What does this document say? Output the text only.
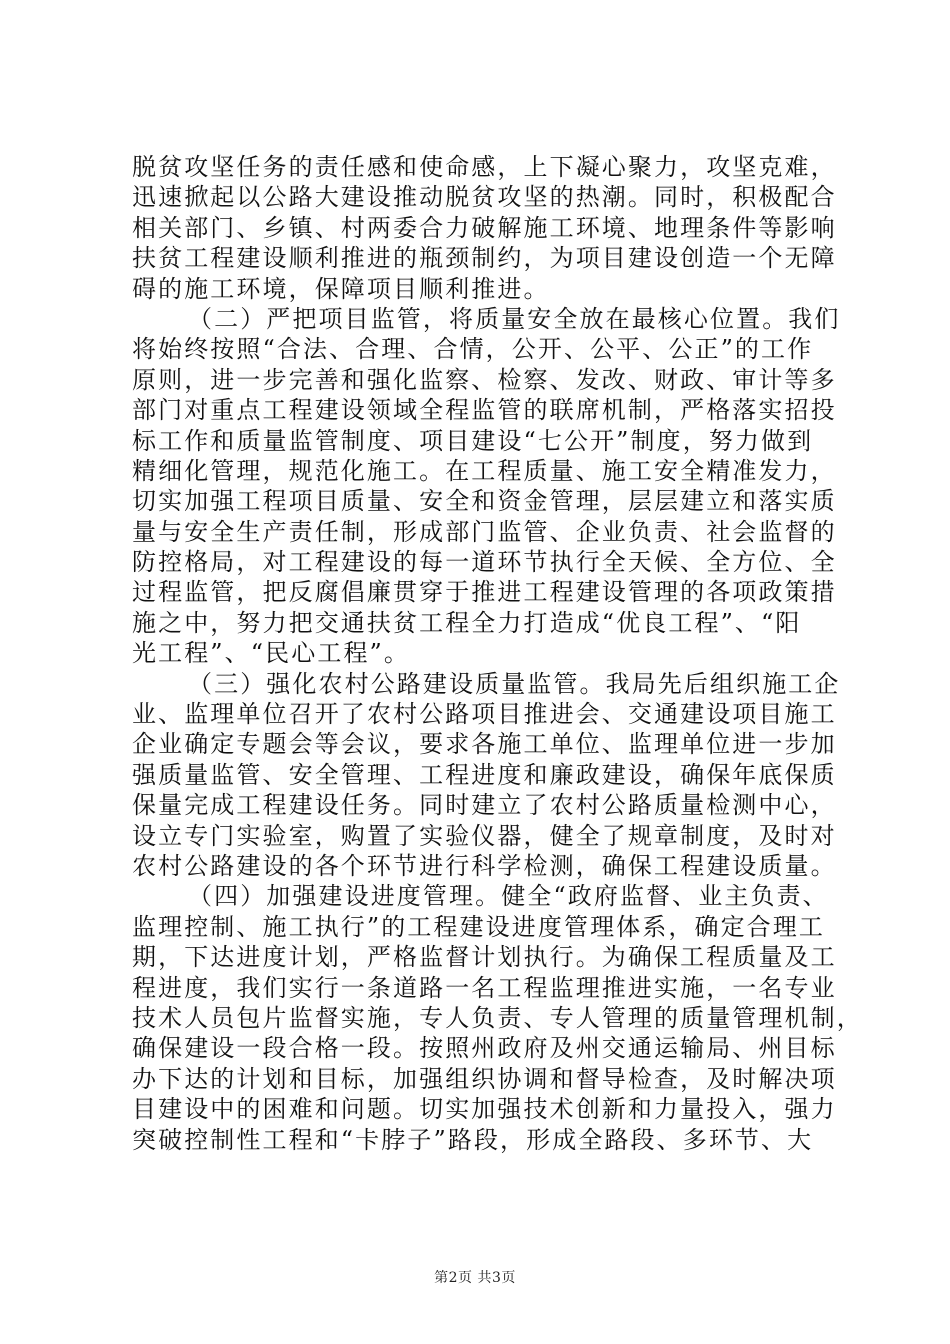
脱贫攻坚任务的责任感和使命感，上下凝心聚力，攻坚克难，
迅速掀起以公路大建设推动脱贫攻坚的热潮。同时，积极配合
相关部门、乡镇、村两委合力破解施工环境、地理条件等影响
扶贫工程建设顺利推进的瓶颈制约，为项目建设创造一个无障
碍的施工环境，保障项目顺利推进。
（二）严把项目监管，将质量安全放在最核心位置。我们
将始终按照“合法、合理、合情，公开、公平、公正”的工作
原则，进一步完善和强化监察、检察、发改、财政、审计等多
部门对重点工程建设领域全程监管的联席机制，严格落实招投
标工作和质量监管制度、项目建设“七公开”制度，努力做到
精细化管理，规范化施工。在工程质量、施工安全精准发力，
切实加强工程项目质量、安全和资金管理，层层建立和落实质
量与安全生产责任制，形成部门监管、企业负责、社会监督的
防控格局，对工程建设的每一道环节执行全天候、全方位、全
过程监管，把反腐倡廉贯穿于推进工程建设管理的各项政策措
施之中，努力把交通扶贫工程全力打造成“优良工程”、“阳
光工程”、“民心工程”。
（三）强化农村公路建设质量监管。我局先后组织施工企
业、监理单位召开了农村公路项目推进会、交通建设项目施工
企业确定专题会等会议，要求各施工单位、监理单位进一步加
强质量监管、安全管理、工程进度和廉政建设，确保年底保质
保量完成工程建设任务。同时建立了农村公路质量检测中心，
设立专门实验室，购置了实验仪器，健全了规章制度，及时对
农村公路建设的各个环节进行科学检测，确保工程建设质量。
（四）加强建设进度管理。健全“政府监督、业主负责、
监理控制、施工执行”的工程建设进度管理体系，确定合理工
期，下达进度计划，严格监督计划执行。为确保工程质量及工
程进度，我们实行一条道路一名工程监理推进实施，一名专业
技术人员包片监督实施，专人负责、专人管理的质量管理机制，
确保建设一段合格一段。按照州政府及州交通运输局、州目标
办下达的计划和目标，加强组织协调和督导检查，及时解决项
目建设中的困难和问题。切实加强技术创新和力量投入，强力
突破控制性工程和“卡脖子”路段，形成全路段、多环节、大
第2页 共3页
